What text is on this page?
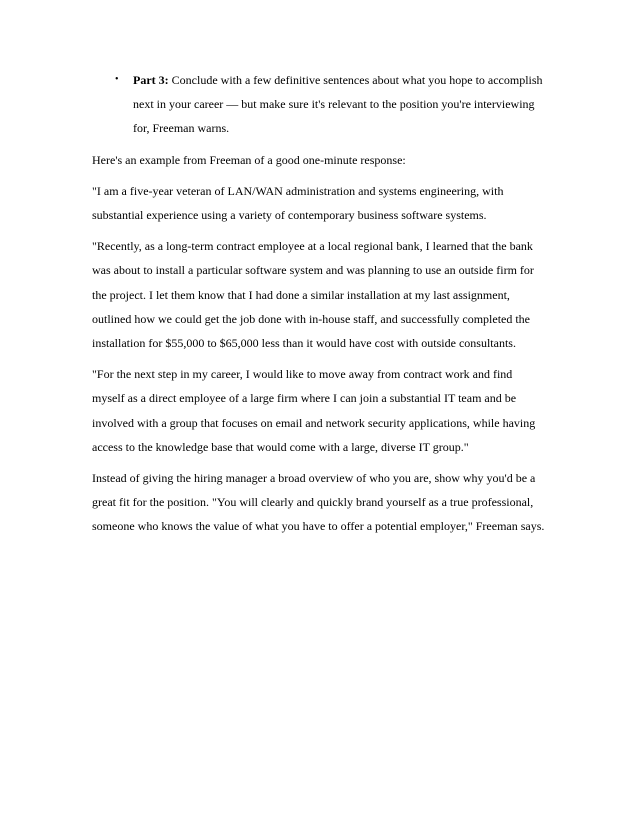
• Part 3: Conclude with a few definitive sentences about what you hope to accomplish next in your career — but make sure it's relevant to the position you're interviewing for, Freeman warns.

Here's an example from Freeman of a good one-minute response:

"I am a five-year veteran of LAN/WAN administration and systems engineering, with substantial experience using a variety of contemporary business software systems.

"Recently, as a long-term contract employee at a local regional bank, I learned that the bank was about to install a particular software system and was planning to use an outside firm for the project. I let them know that I had done a similar installation at my last assignment, outlined how we could get the job done with in-house staff, and successfully completed the installation for $55,000 to $65,000 less than it would have cost with outside consultants.

"For the next step in my career, I would like to move away from contract work and find myself as a direct employee of a large firm where I can join a substantial IT team and be involved with a group that focuses on email and network security applications, while having access to the knowledge base that would come with a large, diverse IT group."

Instead of giving the hiring manager a broad overview of who you are, show why you'd be a great fit for the position. "You will clearly and quickly brand yourself as a true professional, someone who knows the value of what you have to offer a potential employer," Freeman says.
